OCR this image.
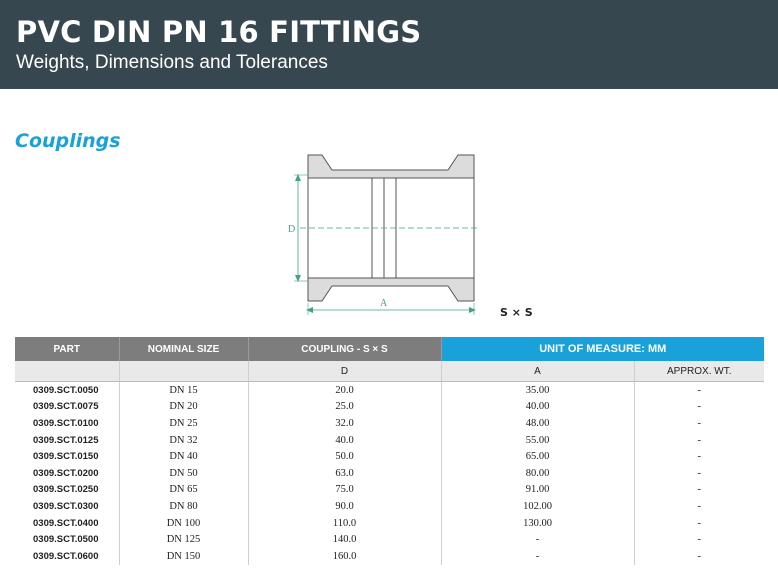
PVC DIN PN 16 FITTINGS
Weights, Dimensions and Tolerances
Couplings
D
A
S × S
PART	NOMINAL SIZE	COUPLING - S × S	UNIT OF MEASURE: MM	
		D	A	APPROX. WT.
0309.SCT.0050	DN 15	20.0	35.00	-
0309.SCT.0075	DN 20	25.0	40.00	-
0309.SCT.0100	DN 25	32.0	48.00	-
0309.SCT.0125	DN 32	40.0	55.00	-
0309.SCT.0150	DN 40	50.0	65.00	-
0309.SCT.0200	DN 50	63.0	80.00	-
0309.SCT.0250	DN 65	75.0	91.00	-
0309.SCT.0300	DN 80	90.0	102.00	-
0309.SCT.0400	DN 100	110.0	130.00	-
0309.SCT.0500	DN 125	140.0	-	-
0309.SCT.0600	DN 150	160.0	-	-
